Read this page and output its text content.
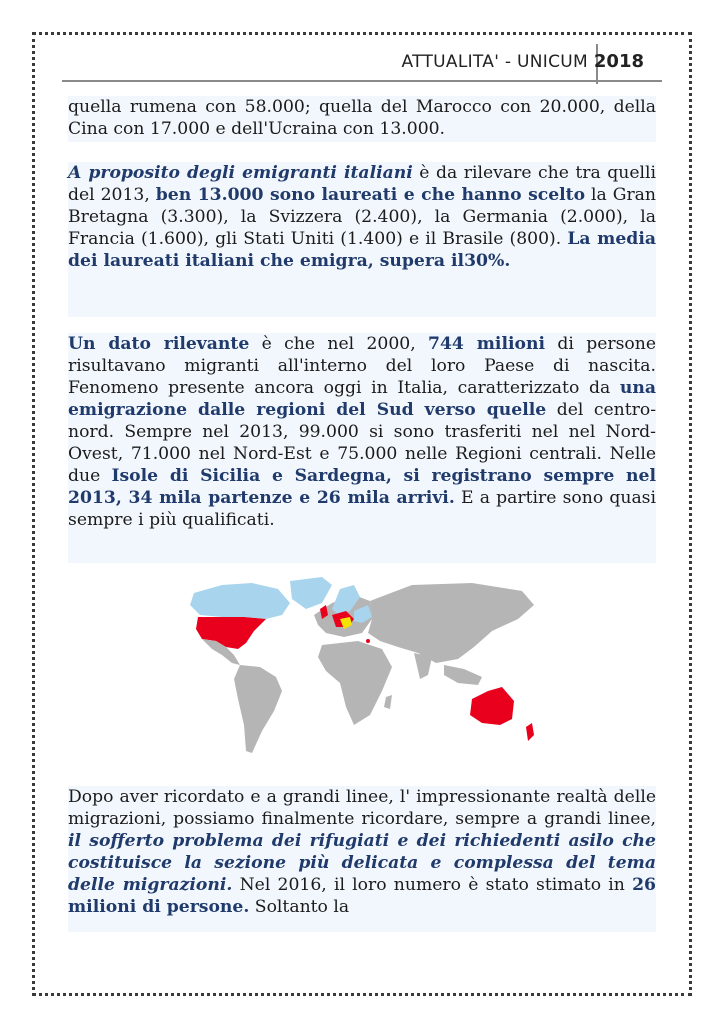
ATTUALITA' - UNICUM 2018

quella rumena con 58.000; quella del Marocco con 20.000, della Cina con 17.000 e dell'Ucraina con 13.000.

A proposito degli emigranti italiani è da rilevare che tra quelli del 2013, ben 13.000 sono laureati e che hanno scelto la Gran Bretagna (3.300), la Svizzera (2.400), la Germania (2.000), la Francia (1.600), gli Stati Uniti (1.400) e il Brasile (800). La media dei laureati italiani che emigra, supera il30%.

Un dato rilevante è che nel 2000, 744 milioni di persone risultavano migranti all'interno del loro Paese di nascita. Fenomeno presente ancora oggi in Italia, caratterizzato da una emigrazione dalle regioni del Sud verso quelle del centro-nord. Sempre nel 2013, 99.000 si sono trasferiti nel nel Nord-Ovest, 71.000 nel Nord-Est e 75.000 nelle Regioni centrali. Nelle due Isole di Sicilia e Sardegna, si registrano sempre nel 2013, 34 mila partenze e 26 mila arrivi. E a partire sono quasi sempre i più qualificati.

Dopo aver ricordato e a grandi linee, l' impressionante realtà delle migrazioni, possiamo finalmente ricordare, sempre a grandi linee, il sofferto problema dei rifugiati e dei richiedenti asilo che costituisce la sezione più delicata e complessa del tema delle migrazioni. Nel 2016, il loro numero è stato stimato in 26 milioni di persone. Soltanto la
